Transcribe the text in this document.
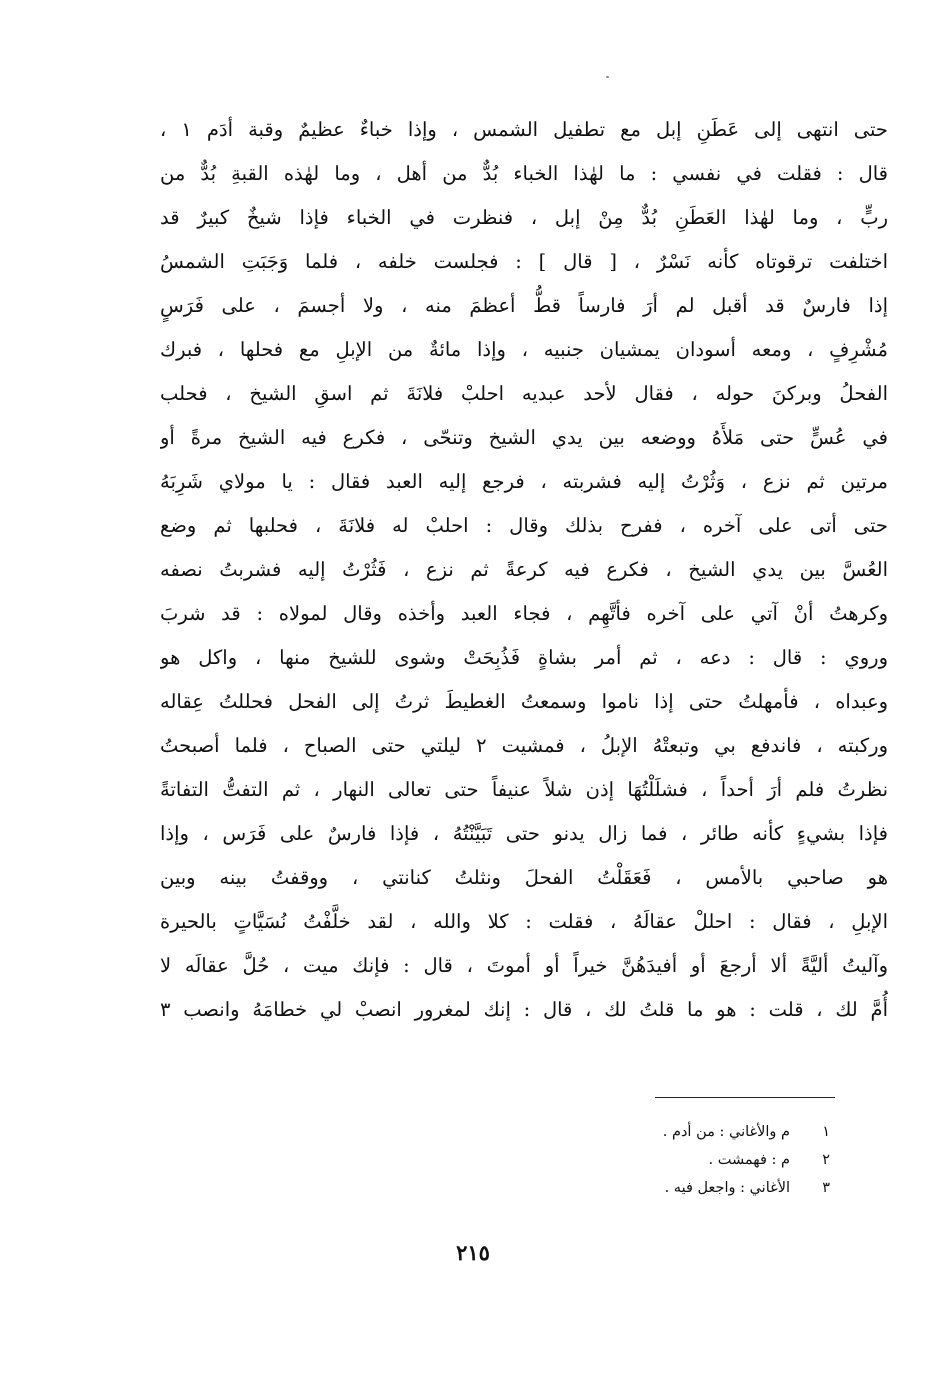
حتى انتهى إلى عَطَنِ إبل مع تطفيل الشمس ، وإذا خباءٌ عظيمٌ وقبة أدَم ١ ،
قال : فقلت في نفسي : ما لهٰذا الخباء بُدٌّ من أهل ، وما لهٰذه القبةِ بُدٌّ من
ربٍّ ، وما لهٰذا العَطَنِ بُدٌّ مِنْ إبل ، فنظرت في الخباء فإذا شيخٌ كبيرٌ قد
اختلفت ترقوتاه كأنه نَسْرٌ ، [ قال ] : فجلست خلفه ، فلما وَجَبَتِ الشمسُ
إذا فارسٌ قد أقبل لم أرَ فارساً قطُّ أعظمَ منه ، ولا أجسمَ ، على فَرَسٍ
مُشْرِفٍ ، ومعه أسودان يمشيان جنبيه ، وإذا مائةٌ من الإبلِ مع فحلها ، فبرك
الفحلُ وبركنَ حوله ، فقال لأحد عبديه احلبْ فلانَةَ ثم اسقِ الشيخ ، فحلب
في عُسٍّ حتى مَلأَهُ ووضعه بين يدي الشيخ وتنحّى ، فكرع فيه الشيخ مرةً أو
مرتين ثم نزع ، وَثُرْتُ إليه فشربته ، فرجع إليه العبد فقال : يا مولاي شَرِبَهُ
حتى أتى على آخره ، ففرح بذلك وقال : احلبْ له فلانَةَ ، فحلبها ثم وضع
العُسَّ بين يدي الشيخ ، فكرع فيه كرعةً ثم نزع ، فَثُرْتُ إليه فشربتُ نصفه
وكرهتُ أنْ آتي على آخره فأتَّهِم ، فجاء العبد وأخذه وقال لمولاه : قد شربَ
وروي : قال : دعه ، ثم أمر بشاةٍ فَذُبِحَتْ وشوى للشيخ منها ، واكل هو
وعبداه ، فأمهلتُ حتى إذا ناموا وسمعتُ الغطيطَ ثرتُ إلى الفحل فحللتُ عِقاله
وركبته ، فاندفع بي وتبعتْهُ الإبلُ ، فمشيت ٢ ليلتي حتى الصباح ، فلما أصبحتُ
نظرتُ فلم أرَ أحداً ، فشلَلْتُهَا إذن شلاً عنيفاً حتى تعالى النهار ، ثم التفتُّ التفاتةً
فإذا بشيءٍ كأنه طائر ، فما زال يدنو حتى تَبَيَّنْتُهُ ، فإذا فارسٌ على فَرَس ، وإذا
هو صاحبي بالأمس ، فَعَقَلْتُ الفحلَ ونثلتُ كنانتي ، ووقفتُ بينه وبين
الإبلِ ، فقال : احللْ عقالَهُ ، فقلت : كلا والله ، لقد خلَّفْتُ نُسَيَّاتٍ بالحيرة
وآليتُ أليَّةً ألا أرجعَ أو أفيدَهُنَّ خيراً أو أموتَ ، قال : فإنك ميت ، حُلَّ عقالَه لا
أُمَّ لك ، قلت : هو ما قلتُ لك ، قال : إنك لمغرور انصبْ لي خطامَهُ وانصب ٣
١م والأغاني : من أدم .
٢م : فهمشت .
٣الأغاني : واجعل فيه .
٢١٥
